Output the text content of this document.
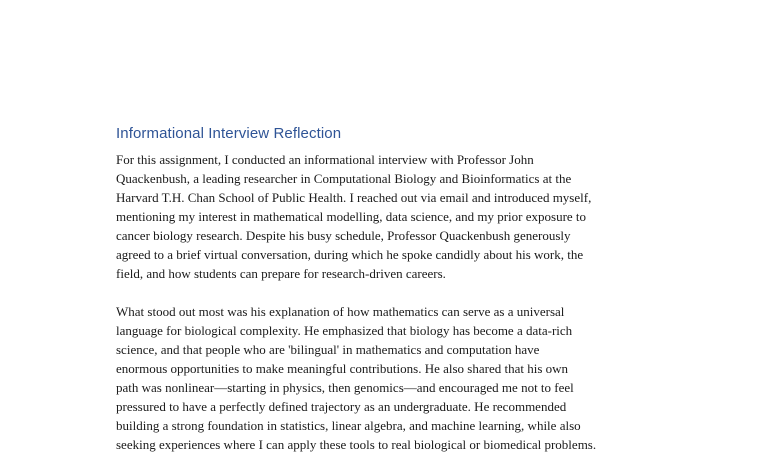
Informational Interview Reflection
For this assignment, I conducted an informational interview with Professor John
Quackenbush, a leading researcher in Computational Biology and Bioinformatics at the
Harvard T.H. Chan School of Public Health. I reached out via email and introduced myself,
mentioning my interest in mathematical modelling, data science, and my prior exposure to
cancer biology research. Despite his busy schedule, Professor Quackenbush generously
agreed to a brief virtual conversation, during which he spoke candidly about his work, the
field, and how students can prepare for research-driven careers.
What stood out most was his explanation of how mathematics can serve as a universal
language for biological complexity. He emphasized that biology has become a data-rich
science, and that people who are 'bilingual' in mathematics and computation have
enormous opportunities to make meaningful contributions. He also shared that his own
path was nonlinear—starting in physics, then genomics—and encouraged me not to feel
pressured to have a perfectly defined trajectory as an undergraduate. He recommended
building a strong foundation in statistics, linear algebra, and machine learning, while also
seeking experiences where I can apply these tools to real biological or biomedical problems.
